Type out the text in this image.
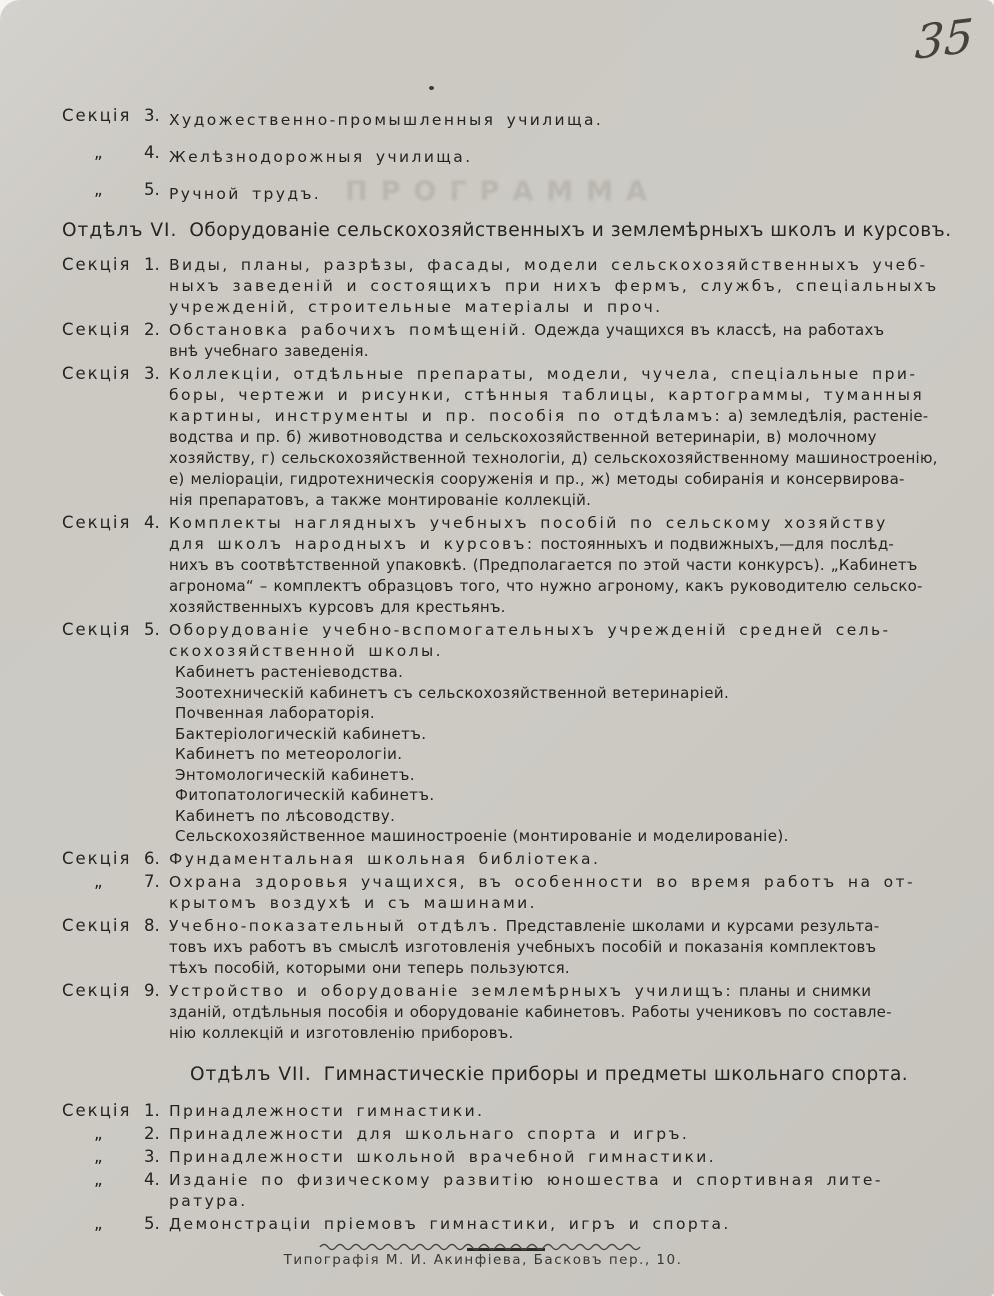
35
ПРОГРАММА
Секція 3. Художественно-промышленныя училища.
„	4. Желѣзнодорожныя училища.
„	5. Ручной трудъ.
Отдѣлъ VI. Оборудованіе сельскохозяйственныхъ и землемѣрныхъ школъ и курсовъ.
Секція 1. Виды, планы, разрѣзы, фасады, модели сельскохозяйственныхъ учеб-
ныхъ заведеній и состоящихъ при нихъ фермъ, службъ, спеціальныхъ
учрежденій, строительные матеріалы и проч.
Секція 2. Обстановка рабочихъ помѣщеній. Одежда учащихся въ классѣ, на работахъ
внѣ учебнаго заведенія.
Секція 3. Коллекціи, отдѣльные препараты, модели, чучела, спеціальные при-
боры, чертежи и рисунки, стѣнныя таблицы, картограммы, туманныя
картины, инструменты и пр. пособія по отдѣламъ: а) земледѣлія, растеніе-
водства и пр. б) животноводства и сельскохозяйственной ветеринаріи, в) молочному
хозяйству, г) сельскохозяйственной технологіи, д) сельскохозяйственному машиностроенію,
е) меліораціи, гидротехническія сооруженія и пр., ж) методы собиранія и консервирова-
нія препаратовъ, а также монтированіе коллекцій.
Секція 4. Комплекты наглядныхъ учебныхъ пособій по сельскому хозяйству
для школъ народныхъ и курсовъ: постоянныхъ и подвижныхъ,—для послѣд-
нихъ въ соотвѣтственной упаковкѣ. (Предполагается по этой части конкурсъ). „Кабинетъ
агронома“ – комплектъ образцовъ того, что нужно агроному, какъ руководителю сельско-
хозяйственныхъ курсовъ для крестьянъ.
Секція 5. Оборудованіе учебно-вспомогательныхъ учрежденій средней сель-
скохозяйственной школы.
Кабинетъ растеніеводства.
Зоотехническій кабинетъ съ сельскохозяйственной ветеринаріей.
Почвенная лабораторія.
Бактеріологическій кабинетъ.
Кабинетъ по метеорологіи.
Энтомологическій кабинетъ.
Фитопатологическій кабинетъ.
Кабинетъ по лѣсоводству.
Сельскохозяйственное машиностроеніе (монтированіе и моделированіе).
Секція 6. Фундаментальная школьная библіотека.
„	7. Охрана здоровья учащихся, въ особенности во время работъ на от-
крытомъ воздухѣ и съ машинами.
Секція 8. Учебно-показательный отдѣлъ. Представленіе школами и курсами результа-
товъ ихъ работъ въ смыслѣ изготовленія учебныхъ пособій и показанія комплектовъ
тѣхъ пособій, которыми они теперь пользуются.
Секція 9. Устройство и оборудованіе землемѣрныхъ училищъ: планы и снимки
зданій, отдѣльныя пособія и оборудованіе кабинетовъ. Работы учениковъ по составле-
нію коллекцій и изготовленію приборовъ.
Отдѣлъ VII. Гимнастическіе приборы и предметы школьнаго спорта.
Секція 1. Принадлежности гимнастики.
„	2. Принадлежности для школьнаго спорта и игръ.
„	3. Принадлежности школьной врачебной гимнастики.
„	4. Изданіе по физическому развитію юношества и спортивная лите-
ратура.
„	5. Демонстраціи пріемовъ гимнастики, игръ и спорта.
Типографія М. И. Акинфіева, Басковъ пер., 10.
